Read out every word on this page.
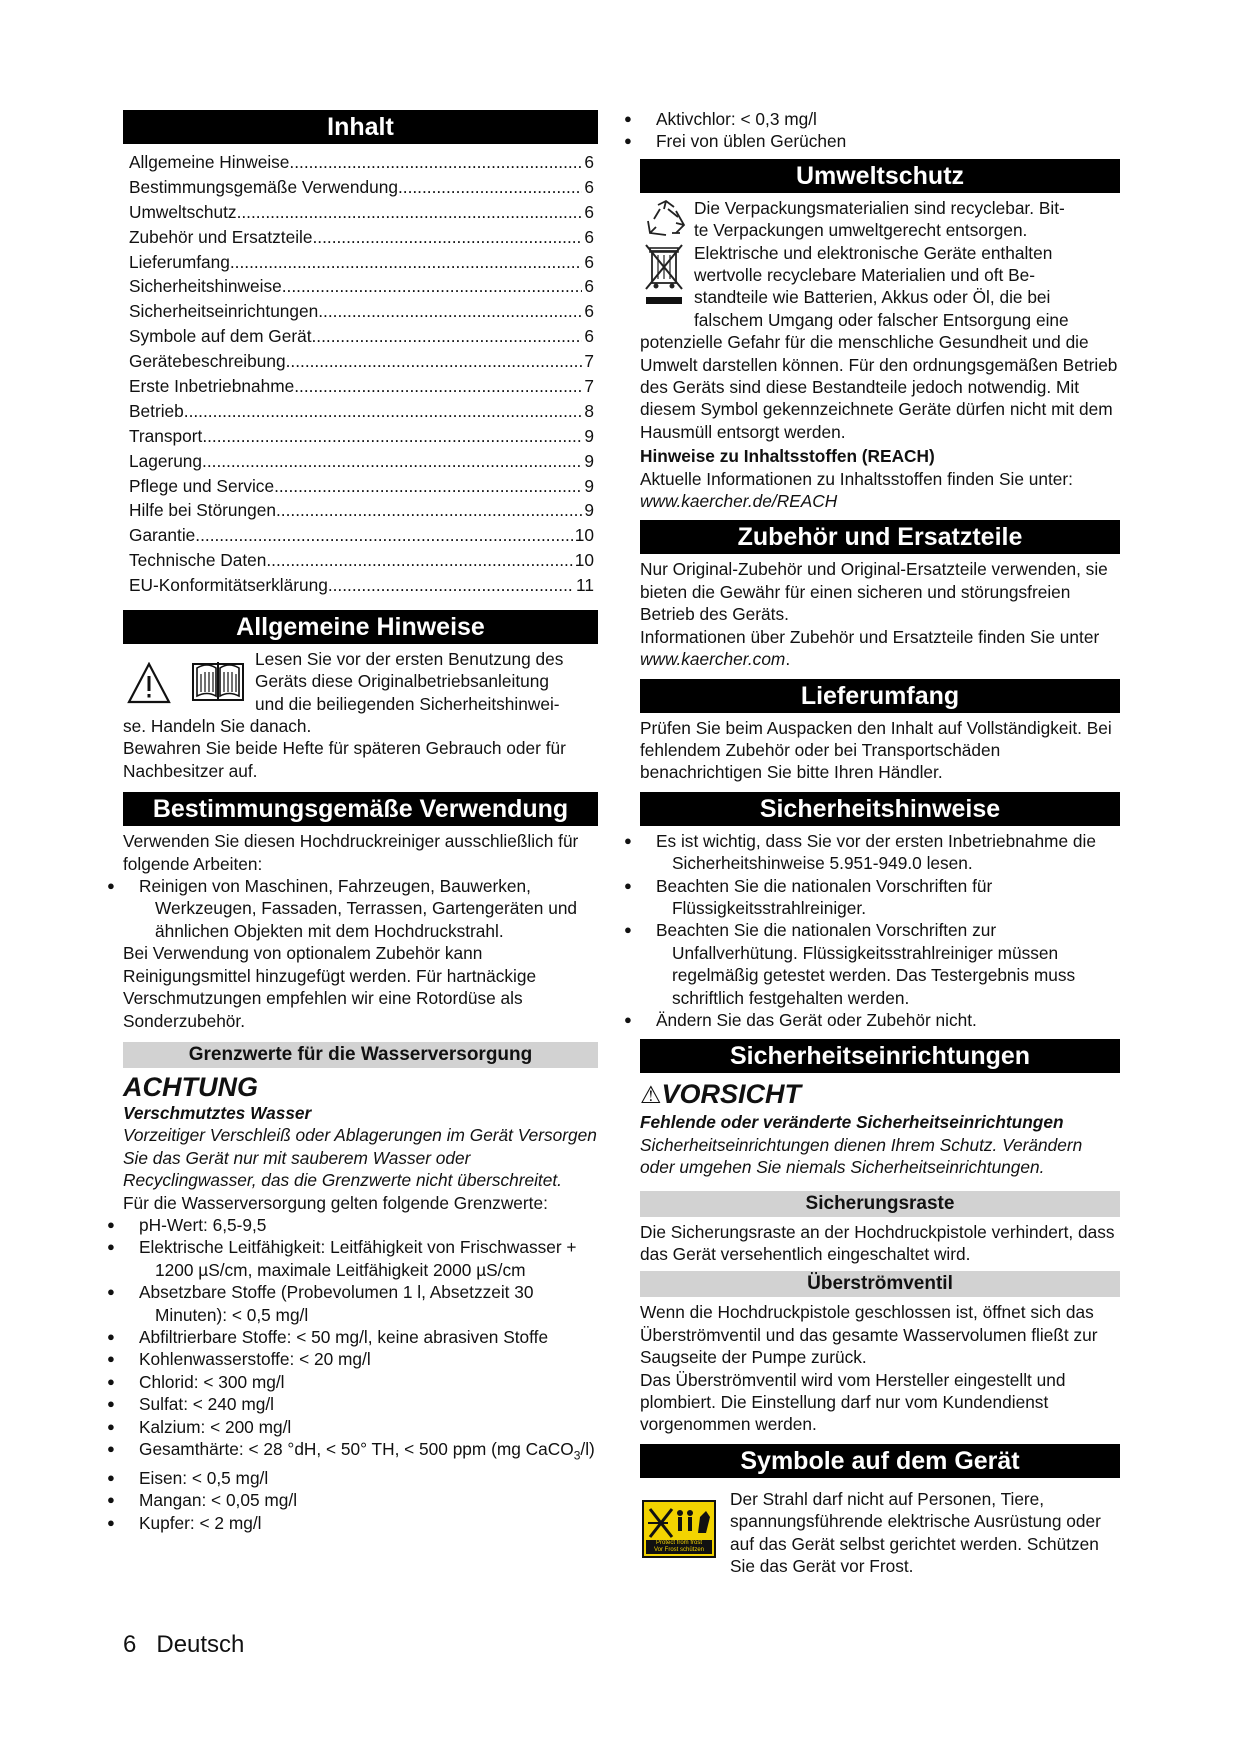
Inhalt
Allgemeine Hinweise .....	6
Bestimmungsgemäße Verwendung .....	6
Umweltschutz .....	6
Zubehör und Ersatzteile .....	6
Lieferumfang .....	6
Sicherheitshinweise .....	6
Sicherheitseinrichtungen .....	6
Symbole auf dem Gerät .....	6
Gerätebeschreibung .....	7
Erste Inbetriebnahme .....	7
Betrieb .....	8
Transport .....	9
Lagerung .....	9
Pflege und Service .....	9
Hilfe bei Störungen .....	9
Garantie .....	10
Technische Daten .....	10
EU-Konformitätserklärung .....	11
Allgemeine Hinweise

Lesen Sie vor der ersten Benutzung des

Geräts diese Originalbetriebsanleitung

und die beiliegenden Sicherheitshinwei-

se. Handeln Sie danach.

Bewahren Sie beide Hefte für späteren Gebrauch oder für Nachbesitzer auf.

Bestimmungsgemäße Verwendung

Verwenden Sie diesen Hochdruckreiniger ausschließlich für folgende Arbeiten:

● Reinigen von Maschinen, Fahrzeugen, Bauwerken, Werkzeugen, Fassaden, Terrassen, Gartengeräten und ähnlichen Objekten mit dem Hochdruckstrahl.

Bei Verwendung von optionalem Zubehör kann Reinigungsmittel hinzugefügt werden. Für hartnäckige Verschmutzungen empfehlen wir eine Rotordüse als Sonderzubehör.

Grenzwerte für die Wasserversorgung
ACHTUNG

Verschmutztes Wasser

Vorzeitiger Verschleiß oder Ablagerungen im Gerät Versorgen Sie das Gerät nur mit sauberem Wasser oder Recyclingwasser, das die Grenzwerte nicht überschreitet.

Für die Wasserversorgung gelten folgende Grenzwerte:

● pH-Wert: 6,5-9,5
● Elektrische Leitfähigkeit: Leitfähigkeit von Frischwasser + 1200 µS/cm, maximale Leitfähigkeit 2000 µS/cm
● Absetzbare Stoffe (Probevolumen 1 l, Absetzzeit 30 Minuten): < 0,5 mg/l
● Abfiltrierbare Stoffe: < 50 mg/l, keine abrasiven Stoffe
● Kohlenwasserstoffe: < 20 mg/l
● Chlorid: < 300 mg/l
● Sulfat: < 240 mg/l
● Kalzium: < 200 mg/l
● Gesamthärte: < 28 °dH, < 50° TH, < 500 ppm (mg CaCO$_3$/l)
● Eisen: < 0,5 mg/l
● Mangan: < 0,05 mg/l
● Kupfer: < 2 mg/l
● Aktivchlor: < 0,3 mg/l
● Frei von üblen Gerüchen
Umweltschutz

Die Verpackungsmaterialien sind recyclebar. Bit-

te Verpackungen umweltgerecht entsorgen.

Elektrische und elektronische Geräte enthalten

wertvolle recyclebare Materialien und oft Be-

standteile wie Batterien, Akkus oder Öl, die bei

falschem Umgang oder falscher Entsorgung eine

potenzielle Gefahr für die menschliche Gesundheit und die Umwelt darstellen können. Für den ordnungsgemäßen Betrieb des Geräts sind diese Bestandteile jedoch notwendig. Mit diesem Symbol gekennzeichnete Geräte dürfen nicht mit dem Hausmüll entsorgt werden.

Hinweise zu Inhaltsstoffen (REACH)

Aktuelle Informationen zu Inhaltsstoffen finden Sie unter: www.kaercher.de/REACH

Zubehör und Ersatzteile

Nur Original-Zubehör und Original-Ersatzteile verwenden, sie bieten die Gewähr für einen sicheren und störungsfreien Betrieb des Geräts.

Informationen über Zubehör und Ersatzteile finden Sie unter www.kaercher.com.

Lieferumfang

Prüfen Sie beim Auspacken den Inhalt auf Vollständigkeit. Bei fehlendem Zubehör oder bei Transportschäden benachrichtigen Sie bitte Ihren Händler.

Sicherheitshinweise
● Es ist wichtig, dass Sie vor der ersten Inbetriebnahme die Sicherheitshinweise 5.951-949.0 lesen.
● Beachten Sie die nationalen Vorschriften für Flüssigkeitsstrahlreiniger.
● Beachten Sie die nationalen Vorschriften zur Unfallverhütung. Flüssigkeitsstrahlreiniger müssen regelmäßig getestet werden. Das Testergebnis muss schriftlich festgehalten werden.
● Ändern Sie das Gerät oder Zubehör nicht.
Sicherheitseinrichtungen
⚠VORSICHT

Fehlende oder veränderte Sicherheitseinrichtungen

Sicherheitseinrichtungen dienen Ihrem Schutz. Verändern oder umgehen Sie niemals Sicherheitseinrichtungen.

Sicherungsraste

Die Sicherungsraste an der Hochdruckpistole verhindert, dass das Gerät versehentlich eingeschaltet wird.

Überströmventil

Wenn die Hochdruckpistole geschlossen ist, öffnet sich das Überströmventil und das gesamte Wasservolumen fließt zur Saugseite der Pumpe zurück.

Das Überströmventil wird vom Hersteller eingestellt und plombiert. Die Einstellung darf nur vom Kundendienst vorgenommen werden.

Symbole auf dem Gerät
Protect from frost
Vor Frost schützen

Der Strahl darf nicht auf Personen, Tiere, spannungsführende elektrische Ausrüstung oder auf das Gerät selbst gerichtet werden. Schützen Sie das Gerät vor Frost.

6 Deutsch
